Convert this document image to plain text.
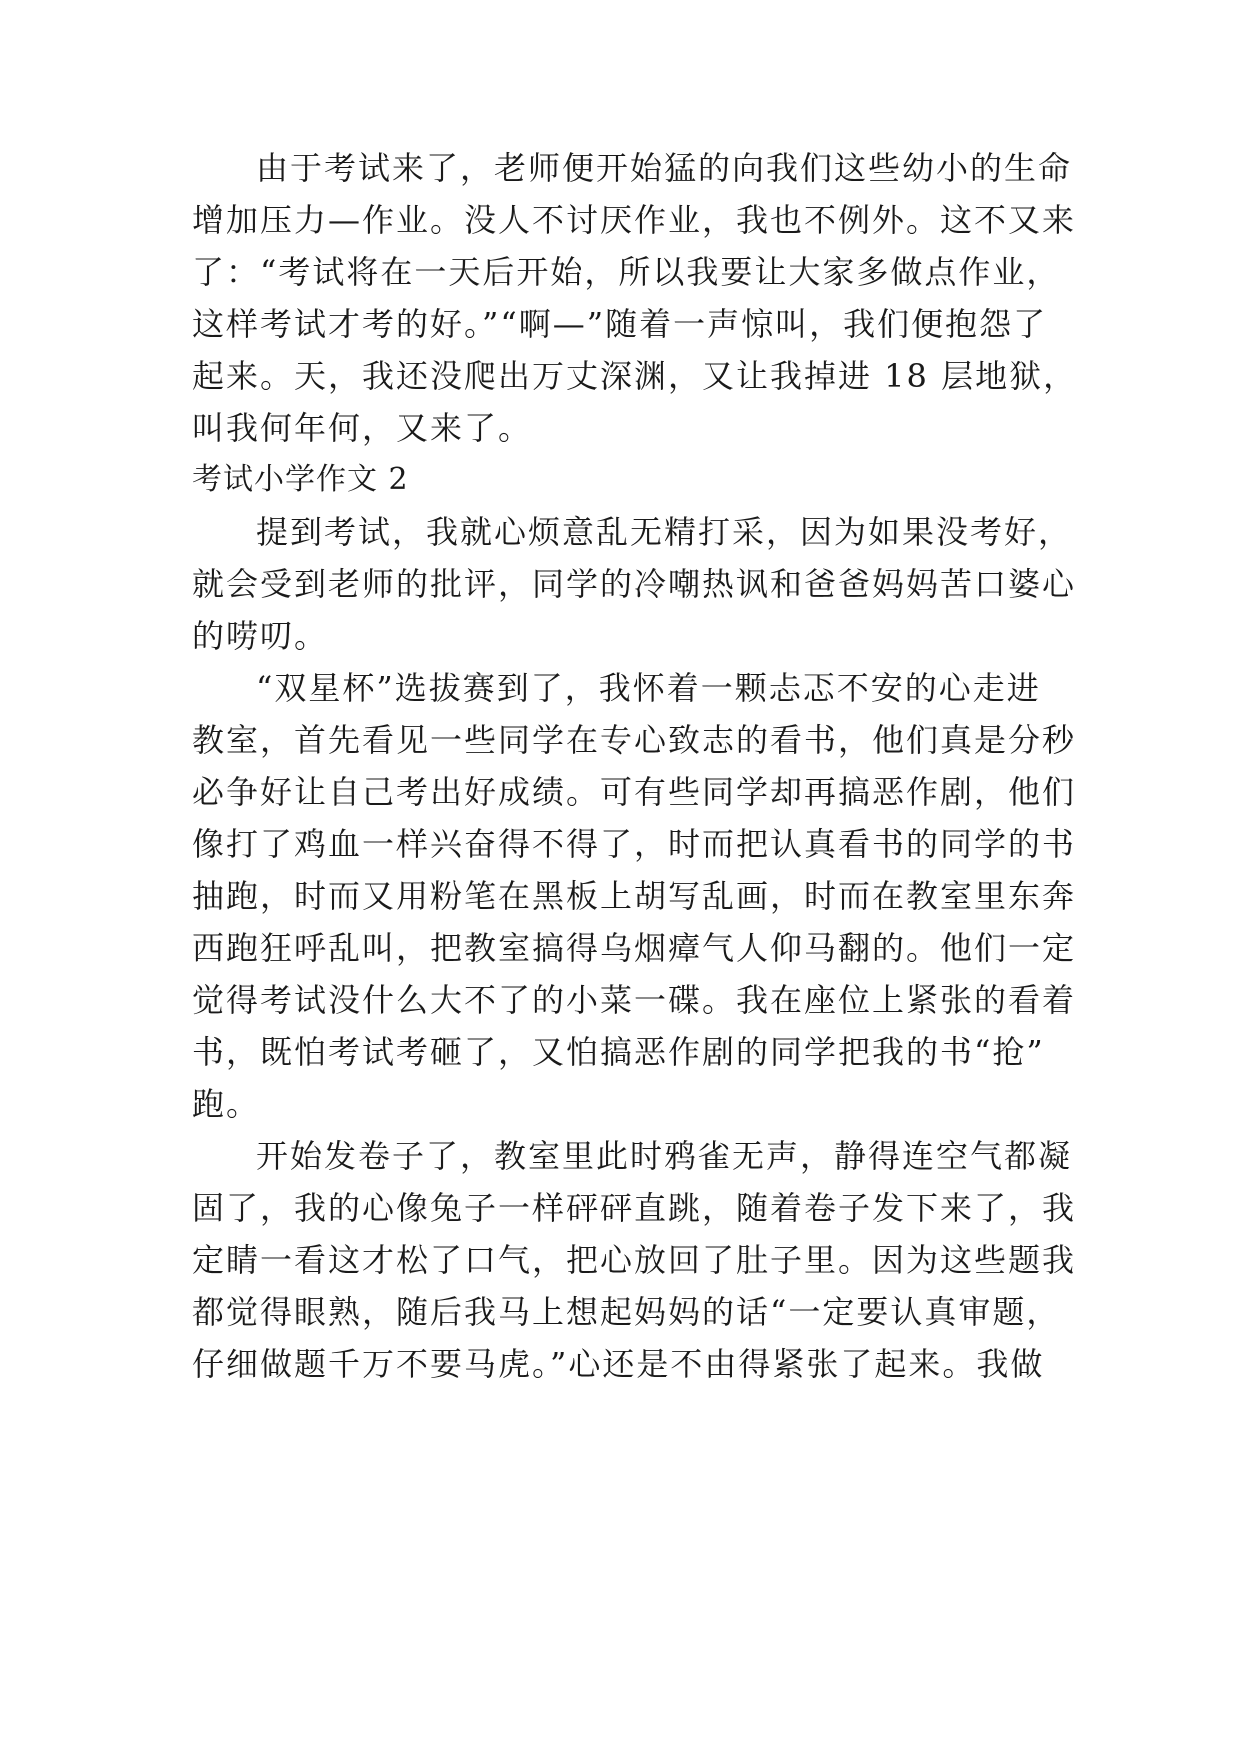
由于考试来了，老师便开始猛的向我们这些幼小的生命

增加压力—作业。没人不讨厌作业，我也不例外。这不又来

了：“考试将在一天后开始，所以我要让大家多做点作业，

这样考试才考的好。”“啊—”随着一声惊叫，我们便抱怨了

起来。天，我还没爬出万丈深渊，又让我掉进 18 层地狱，

叫我何年何，又来了。

考试小学作文 2

提到考试，我就心烦意乱无精打采，因为如果没考好，

就会受到老师的批评，同学的冷嘲热讽和爸爸妈妈苦口婆心

的唠叨。

“双星杯”选拔赛到了，我怀着一颗忐忑不安的心走进

教室，首先看见一些同学在专心致志的看书，他们真是分秒

必争好让自己考出好成绩。可有些同学却再搞恶作剧，他们

像打了鸡血一样兴奋得不得了，时而把认真看书的同学的书

抽跑，时而又用粉笔在黑板上胡写乱画，时而在教室里东奔

西跑狂呼乱叫，把教室搞得乌烟瘴气人仰马翻的。他们一定

觉得考试没什么大不了的小菜一碟。我在座位上紧张的看着

书，既怕考试考砸了，又怕搞恶作剧的同学把我的书“抢”

跑。

开始发卷子了，教室里此时鸦雀无声，静得连空气都凝

固了，我的心像兔子一样砰砰直跳，随着卷子发下来了，我

定睛一看这才松了口气，把心放回了肚子里。因为这些题我

都觉得眼熟，随后我马上想起妈妈的话“一定要认真审题，

仔细做题千万不要马虎。”心还是不由得紧张了起来。我做
